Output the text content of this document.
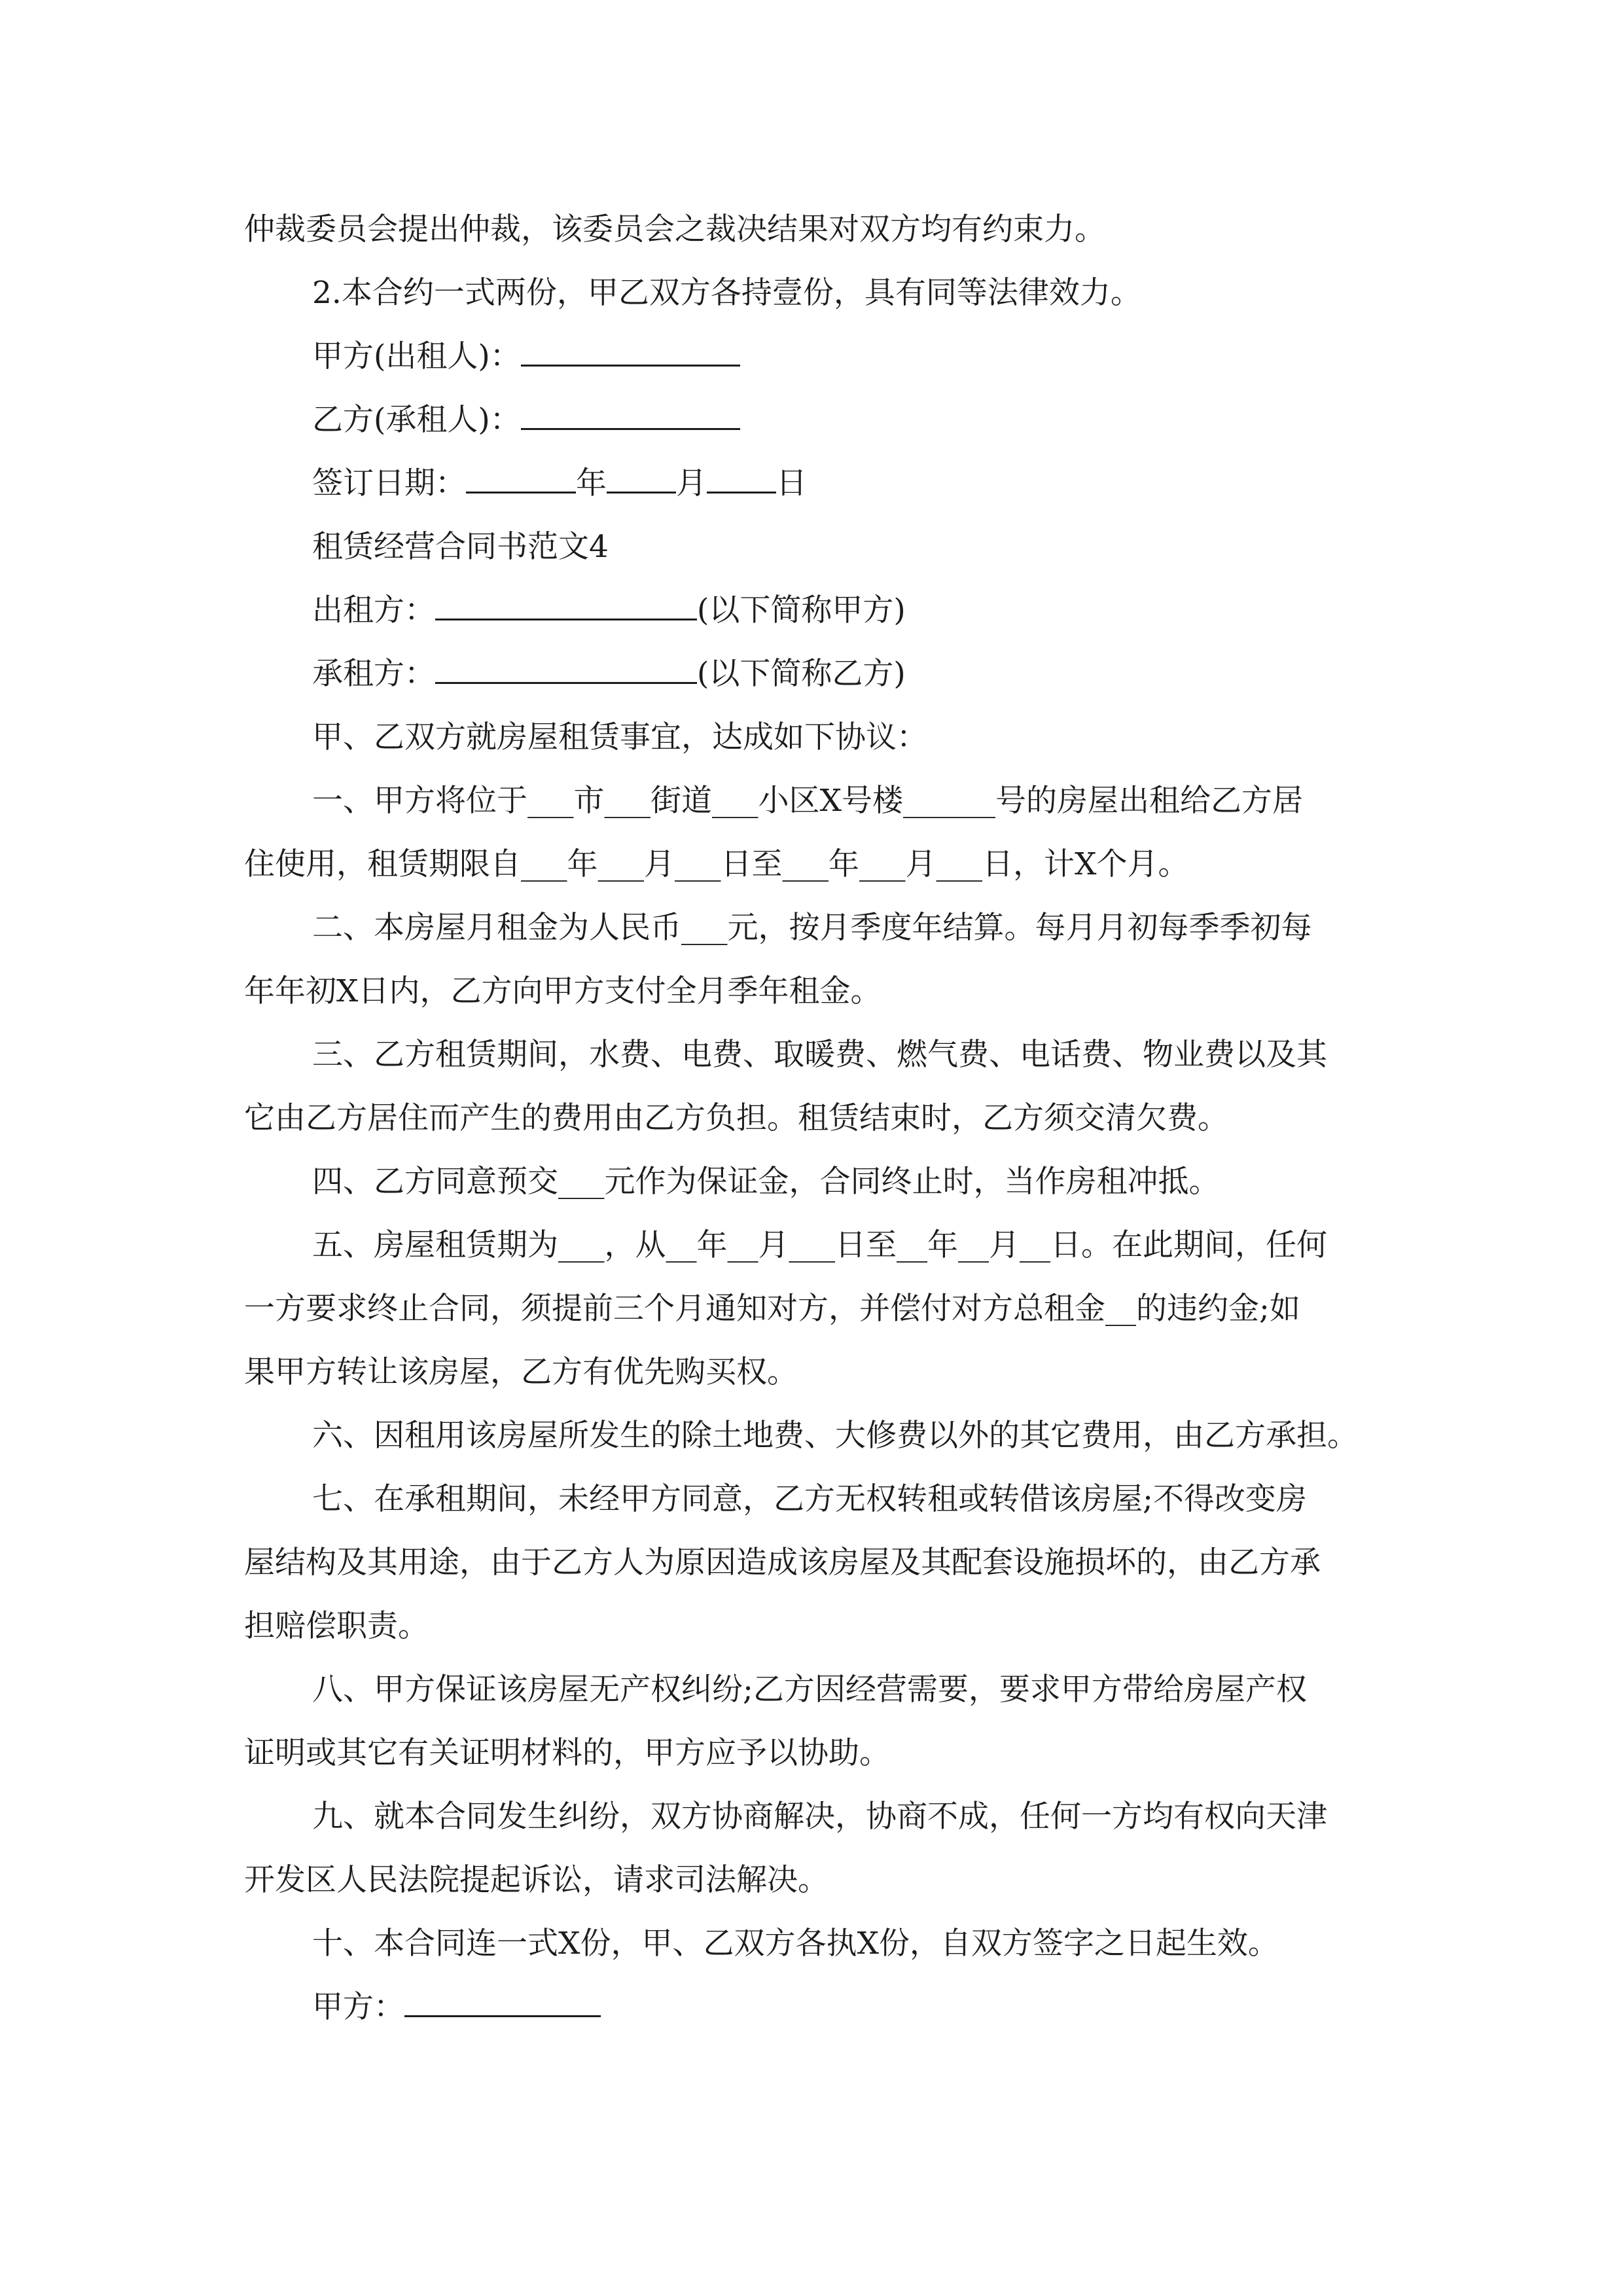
仲裁委员会提出仲裁，该委员会之裁决结果对双方均有约束力。
2.本合约一式两份，甲乙双方各持壹份，具有同等法律效力。
甲方(出租人)：
乙方(承租人)：
签订日期：	年 月 日
租赁经营合同书范文4
出租方：	(以下简称甲方)
承租方：	(以下简称乙方)
甲、乙双方就房屋租赁事宜，达成如下协议：
一、甲方将位于___市___街道___小区X号楼______号的房屋出租给乙方居
住使用，租赁期限自___年___月___日至___年___月___日，计X个月。
二、本房屋月租金为人民币___元，按月季度年结算。每月月初每季季初每
年年初X日内，乙方向甲方支付全月季年租金。
三、乙方租赁期间，水费、电费、取暖费、燃气费、电话费、物业费以及其
它由乙方居住而产生的费用由乙方负担。租赁结束时，乙方须交清欠费。
四、乙方同意预交___元作为保证金，合同终止时，当作房租冲抵。
五、房屋租赁期为___，从__年__月___日至__年__月__日。在此期间，任何
一方要求终止合同，须提前三个月通知对方，并偿付对方总租金__的违约金;如
果甲方转让该房屋，乙方有优先购买权。
六、因租用该房屋所发生的除土地费、大修费以外的其它费用，由乙方承担。
七、在承租期间，未经甲方同意，乙方无权转租或转借该房屋;不得改变房
屋结构及其用途，由于乙方人为原因造成该房屋及其配套设施损坏的，由乙方承
担赔偿职责。
八、甲方保证该房屋无产权纠纷;乙方因经营需要，要求甲方带给房屋产权
证明或其它有关证明材料的，甲方应予以协助。
九、就本合同发生纠纷，双方协商解决，协商不成，任何一方均有权向天津
开发区人民法院提起诉讼，请求司法解决。
十、本合同连一式X份，甲、乙双方各执X份，自双方签字之日起生效。
甲方：
